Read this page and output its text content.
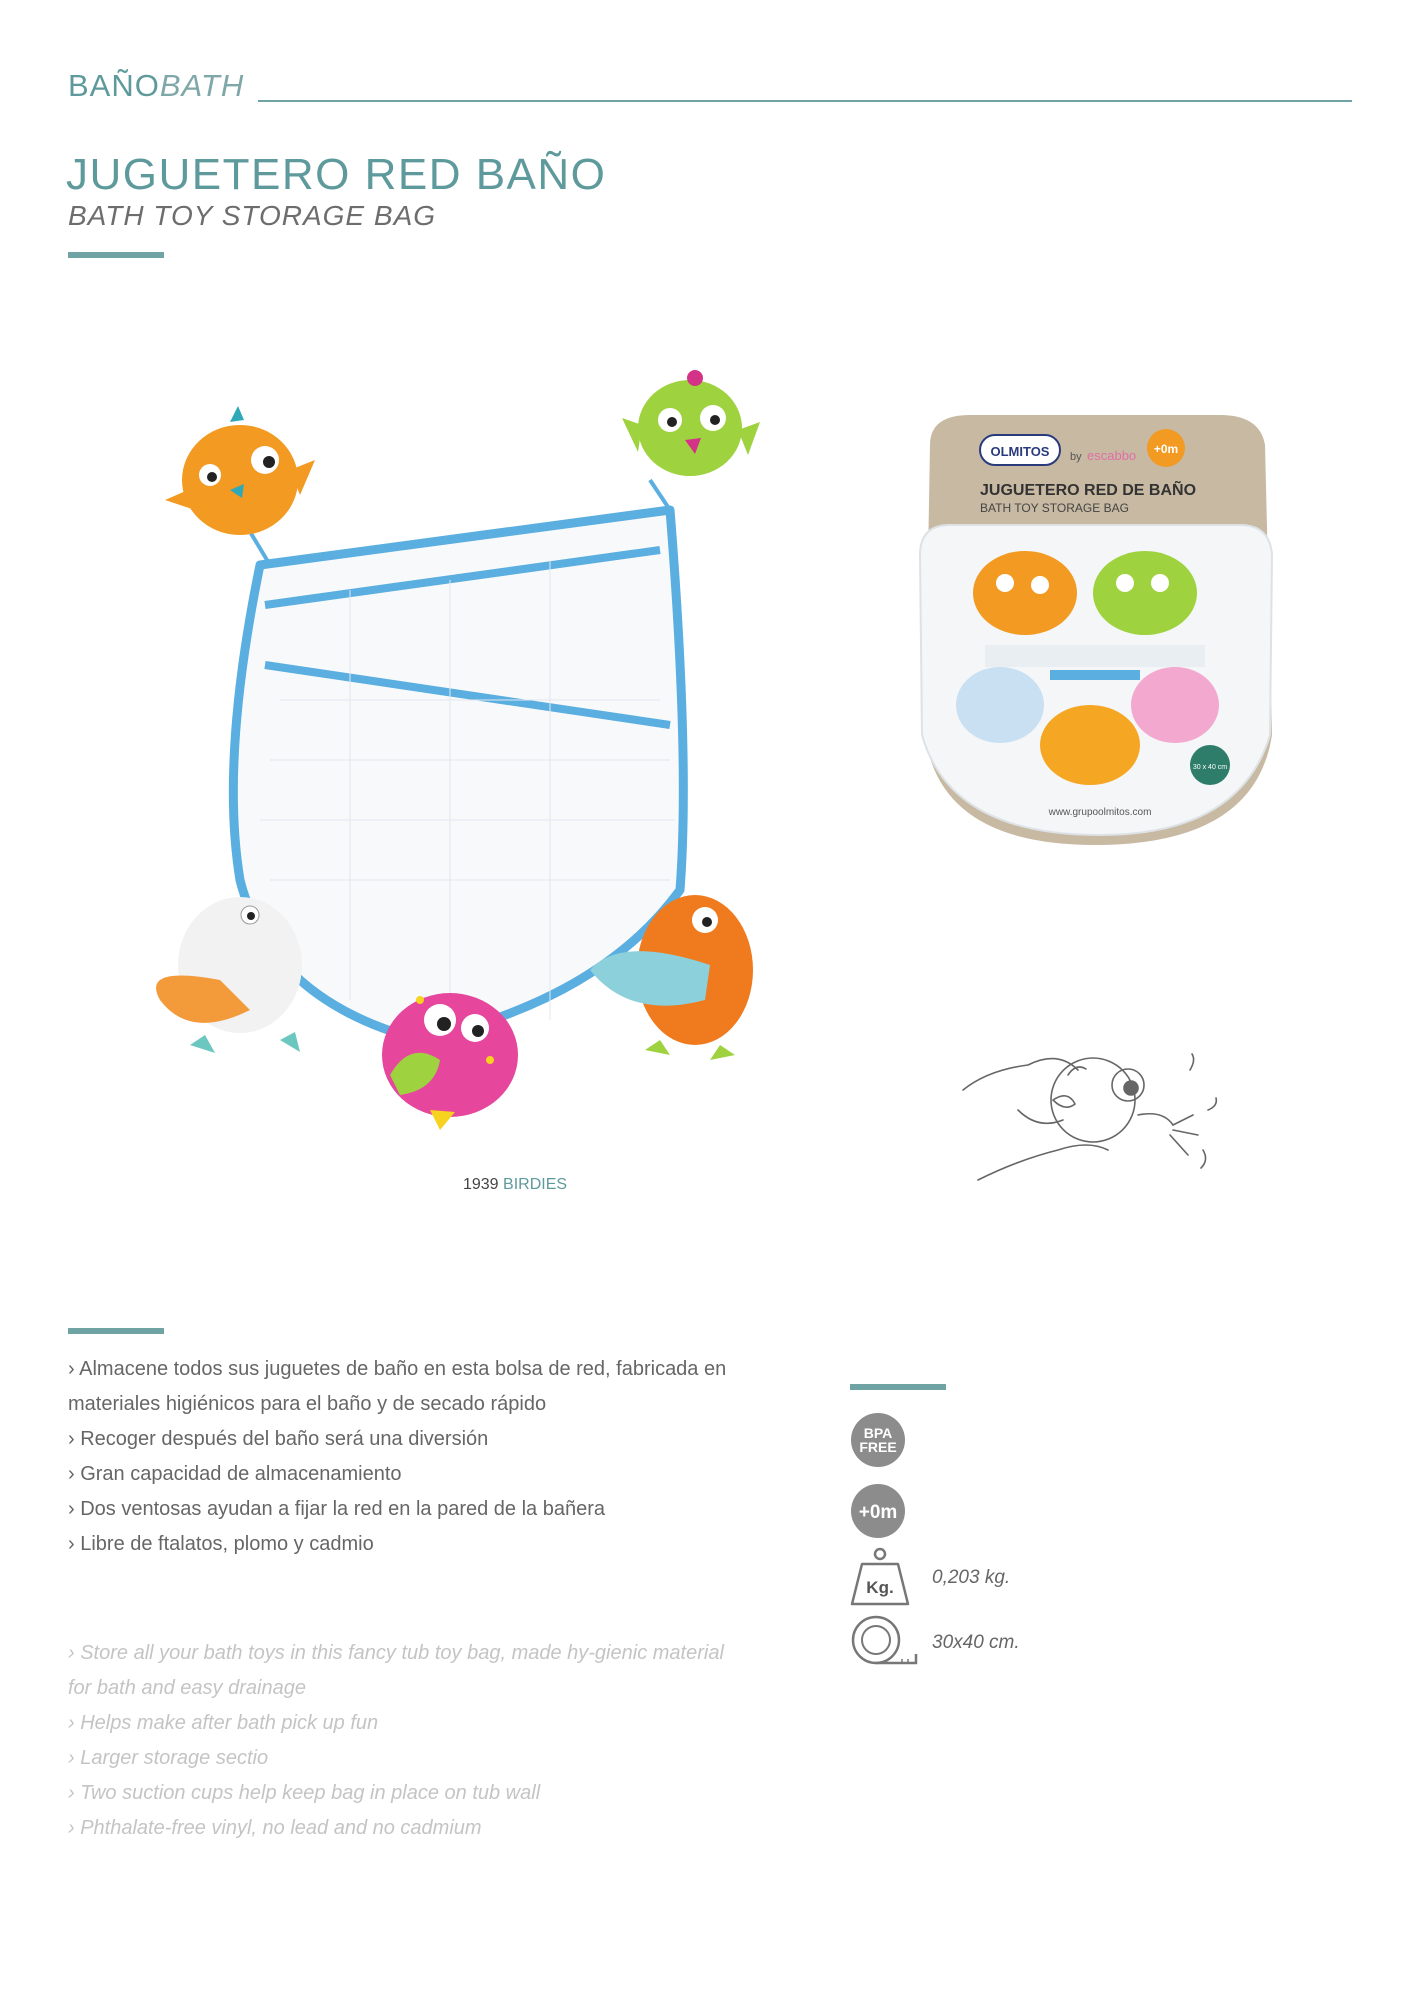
BAÑOBATH
JUGUETERO RED BAÑO
BATH TOY STORAGE BAG
1939 BIRDIES
OLMITOS by escabbo +0m
JUGUETERO RED DE BAÑO
BATH TOY STORAGE BAG
30 x 40 cm
www.grupoolmitos.com
› Almacene todos sus juguetes de baño en esta bolsa de red, fabricada en materiales higiénicos para el baño y de secado rápido
› Recoger después del baño será una diversión
› Gran capacidad de almacenamiento
› Dos ventosas ayudan a fijar la red en la pared de la bañera
› Libre de ftalatos, plomo y cadmio
› Store all your bath toys in this fancy tub toy bag, made hy-gienic material for bath and easy drainage
› Helps make after bath pick up fun
› Larger storage sectio
› Two suction cups help keep bag in place on tub wall
› Phthalate-free vinyl, no lead and no cadmium
BPA
FREE
+0m
Kg. 0,203 kg.
30x40 cm.
